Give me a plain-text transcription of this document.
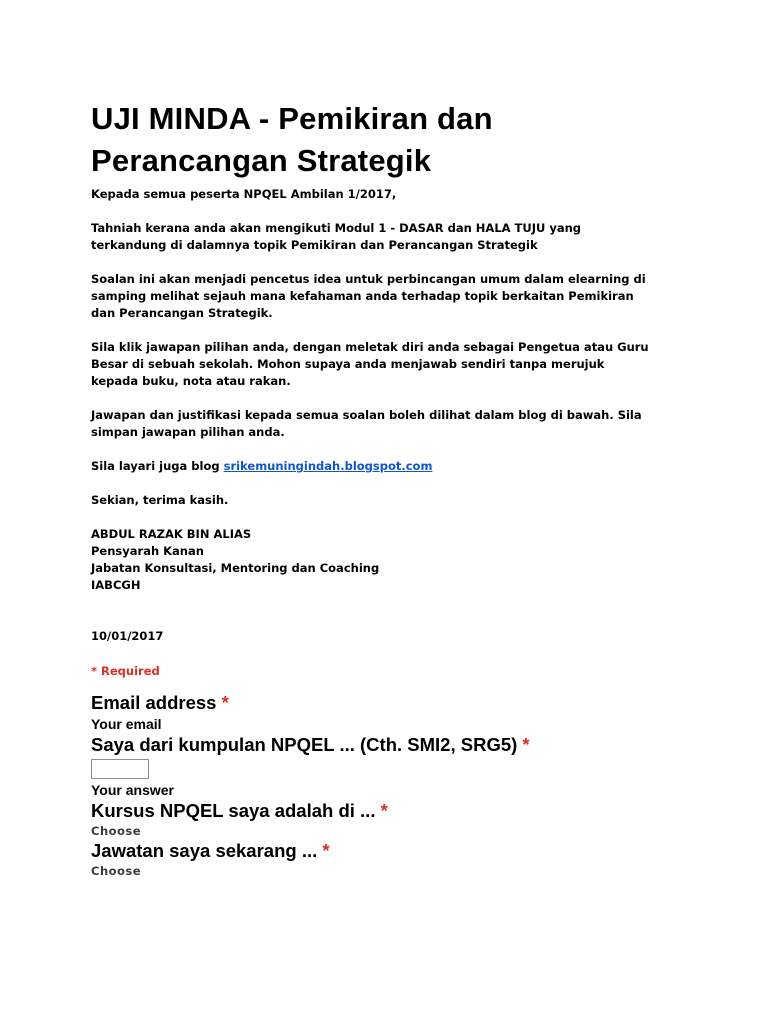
UJI MINDA - Pemikiran dan
Perancangan Strategik

Kepada semua peserta NPQEL Ambilan 1/2017,

Tahniah kerana anda akan mengikuti Modul 1 - DASAR dan HALA TUJU yang

terkandung di dalamnya topik Pemikiran dan Perancangan Strategik

Soalan ini akan menjadi pencetus idea untuk perbincangan umum dalam elearning di

samping melihat sejauh mana kefahaman anda terhadap topik berkaitan Pemikiran

dan Perancangan Strategik.

Sila klik jawapan pilihan anda, dengan meletak diri anda sebagai Pengetua atau Guru

Besar di sebuah sekolah. Mohon supaya anda menjawab sendiri tanpa merujuk

kepada buku, nota atau rakan.

Jawapan dan justifikasi kepada semua soalan boleh dilihat dalam blog di bawah. Sila

simpan jawapan pilihan anda.

Sila layari juga blog srikemuningindah.blogspot.com

Sekian, terima kasih.

ABDUL RAZAK BIN ALIAS

Pensyarah Kanan

Jabatan Konsultasi, Mentoring dan Coaching

IABCGH

10/01/2017

* Required
Email address *
Your email
Saya dari kumpulan NPQEL ... (Cth. SMI2, SRG5) *
Your answer
Kursus NPQEL saya adalah di ... *
Choose
Jawatan saya sekarang ... *
Choose
